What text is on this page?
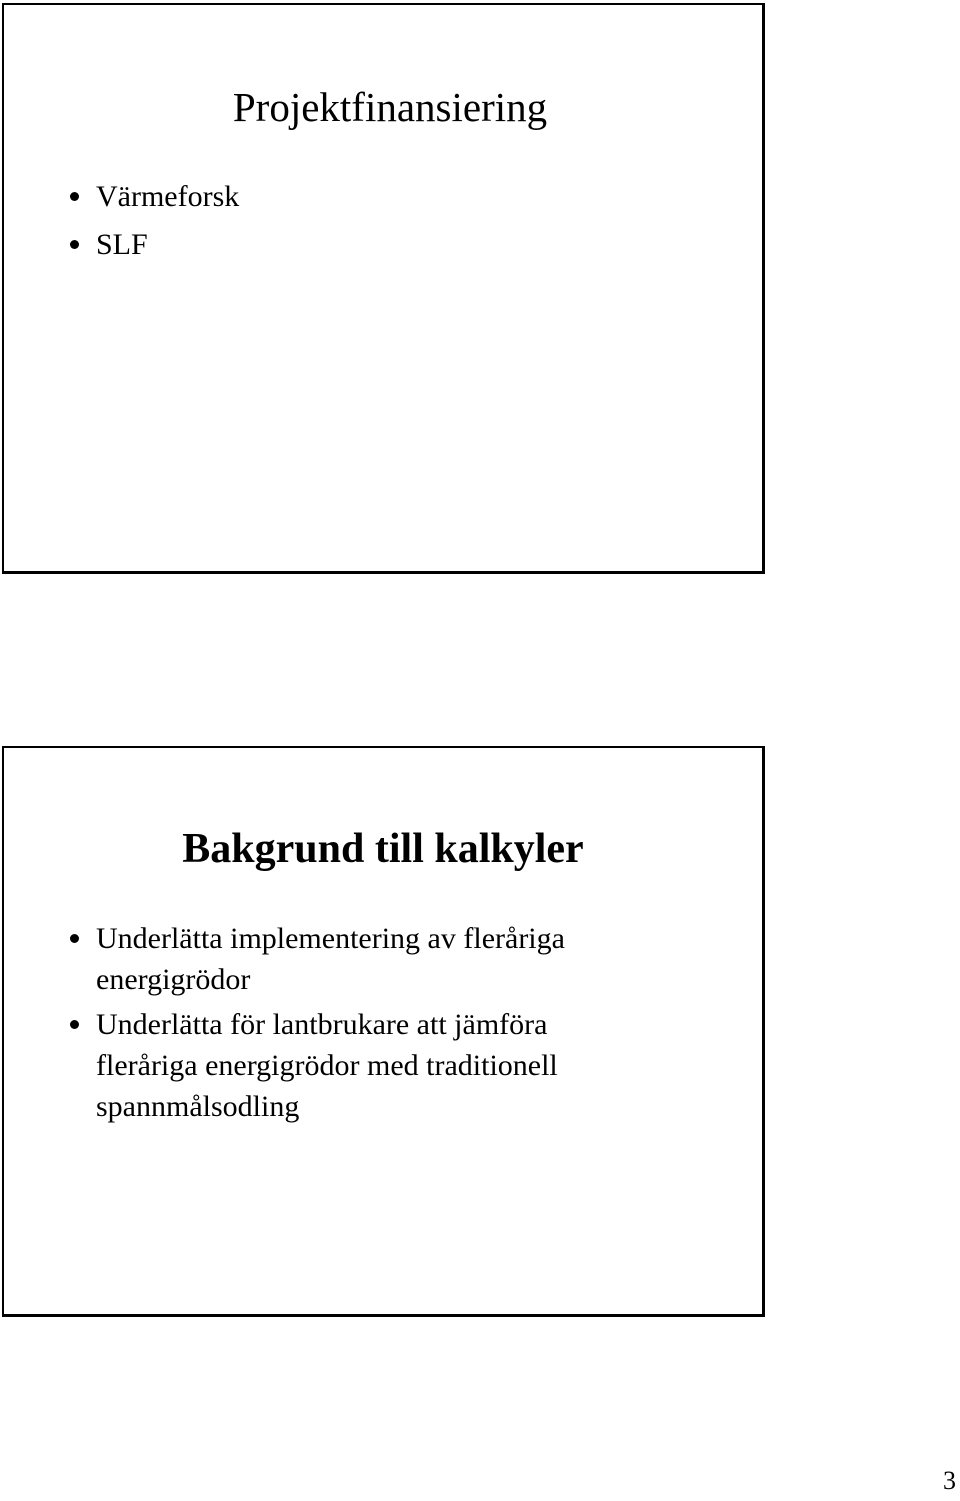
Projektfinansiering
Värmeforsk
SLF
Bakgrund till kalkyler
Underlätta implementering av fleråriga
energigrödor
Underlätta för lantbrukare att jämföra
fleråriga energigrödor med traditionell
spannmålsodling
3
